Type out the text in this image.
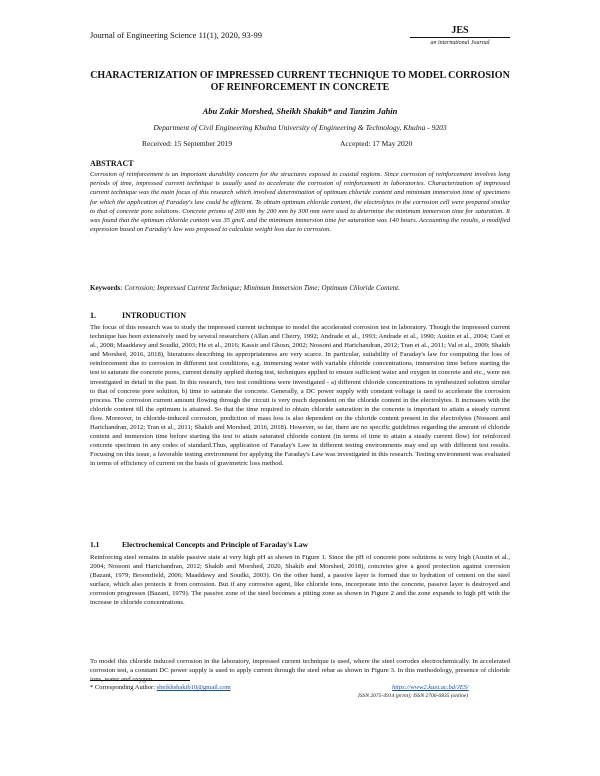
Journal of Engineering Science 11(1), 2020, 93-99	JES
an international Journal
CHARACTERIZATION OF IMPRESSED CURRENT TECHNIQUE TO MODEL CORROSION OF REINFORCEMENT IN CONCRETE
Abu Zakir Morshed, Sheikh Shakib* and Tanzim Jahin
Department of Civil Engineering Khulna University of Engineering & Technology, Khulna - 9203
Received: 15 September 2019	Accepted: 17 May 2020
ABSTRACT
Corrosion of reinforcement is an important durability concern for the structures exposed to coastal regions. Since corrosion of reinforcement involves long periods of time, impressed current technique is usually used to accelerate the corrosion of reinforcement in laboratories. Characterization of impressed current technique was the main focus of this research which involved determination of optimum chloride content and minimum immersion time of specimens for which the application of Faraday's law could be efficient. To obtain optimum chloride content, the electrolytes in the corrosion cell were prepared similar to that of concrete pore solutions. Concrete prisms of 200 mm by 200 mm by 300 mm were used to determine the minimum immersion time for saturation. It was found that the optimum chloride content was 35 gm/L and the minimum immersion time for saturation was 140 hours. Accounting the results, a modified expression based on Faraday's law was proposed to calculate weight loss due to corrosion.
Keywords: Corrosion; Impressed Current Technique; Minimum Immersion Time; Optimum Chloride Content.
1.	INTRODUCTION
The focus of this research was to study the impressed current technique to model the accelerated corrosion test in laboratory. Though the impressed current technique has been extensively used by several researchers (Allan and Cherry, 1992; Andrade et al., 1993; Andrade et al., 1990; Austin et al., 2004; Caré et al., 2008; Maaddawy and Soudki, 2003; He et al., 2016; Kassir and Ghosn, 2002; Nossoni and Harichandran, 2012; Tran et al., 2011; Val et al., 2009; Shakib and Morshed, 2016, 2018), literatures describing its appropriateness are very scarce. In particular, suitability of Faraday's law for computing the loss of reinforcement due to corrosion in different test conditions, e.g. immersing water with variable chloride concentrations, immersion time before starting the test to saturate the concrete pores, current density applied during test, techniques applied to ensure sufficient water and oxygen in concrete and etc., were not investigated in detail in the past. In this research, two test conditions were investigated - a) different chloride concentrations in synthesized solution similar to that of concrete pore solution, b) time to saturate the concrete. Generally, a DC power supply with constant voltage is used to accelerate the corrosion process. The corrosion current amount flowing through the circuit is very much dependent on the chloride content in the electrolytes. It increases with the chloride content till the optimum is attained. So that the time required to obtain chloride saturation in the concrete is important to attain a steady current flow. Moreover, in chloride-induced corrosion, prediction of mass loss is also dependent on the chloride content present in the electrolytes (Nossoni and Harichandran, 2012; Tran et al., 2011; Shakib and Morshed, 2016, 2018). However, so far, there are no specific guidelines regarding the amount of chloride content and immersion time before starting the test to attain saturated chloride content (in terms of time to attain a steady current flow) for reinforced concrete specimen in any codes of standard.Thus, application of Faraday's Law in different testing environments may end up with different test results. Focusing on this issue, a favorable testing environment for applying the Faraday's Law was investigated in this research. Testing environment was evaluated in terms of efficiency of current on the basis of gravimetric loss method.
1.1	Electrochemical Concepts and Principle of Faraday's Law
Reinforcing steel remains in stable passive state at very high pH as shown in Figure 1. Since the pH of concrete pore solutions is very high (Austin et al., 2004; Nossoni and Harichandran, 2012; Shakib and Morshed, 2020, Shakib and Morshed, 2018), concretes give a good protection against corrosion (Bazant, 1979; Broomfield, 2006; Maaddawy and Soudki, 2003). On the other hand, a passive layer is formed due to hydration of cement on the steel surface, which also protects it from corrosion. But if any corrosive agent, like chloride ions, incorporate into the concrete, passive layer is destroyed and corrosion progresses (Bazant, 1979). The passive zone of the steel becomes a pitting zone as shown in Figure 2 and the zone expands to high pH with the increase in chloride concentrations.
To model this chloride induced corrosion in the laboratory, impressed current technique is used, where the steel corrodes electrochemically. In accelerated corrosion test, a constant DC power supply is used to apply current through the steel rebar as shown in Figure 3. In this methodology, presence of chloride ions, water and oxygen
* Corresponding Author: sheikhshakib10@gmail.com	https://www2.kuet.ac.bd/JES/
ISSN 2075-4914 (print); ISSN 2706-6835 (online)
